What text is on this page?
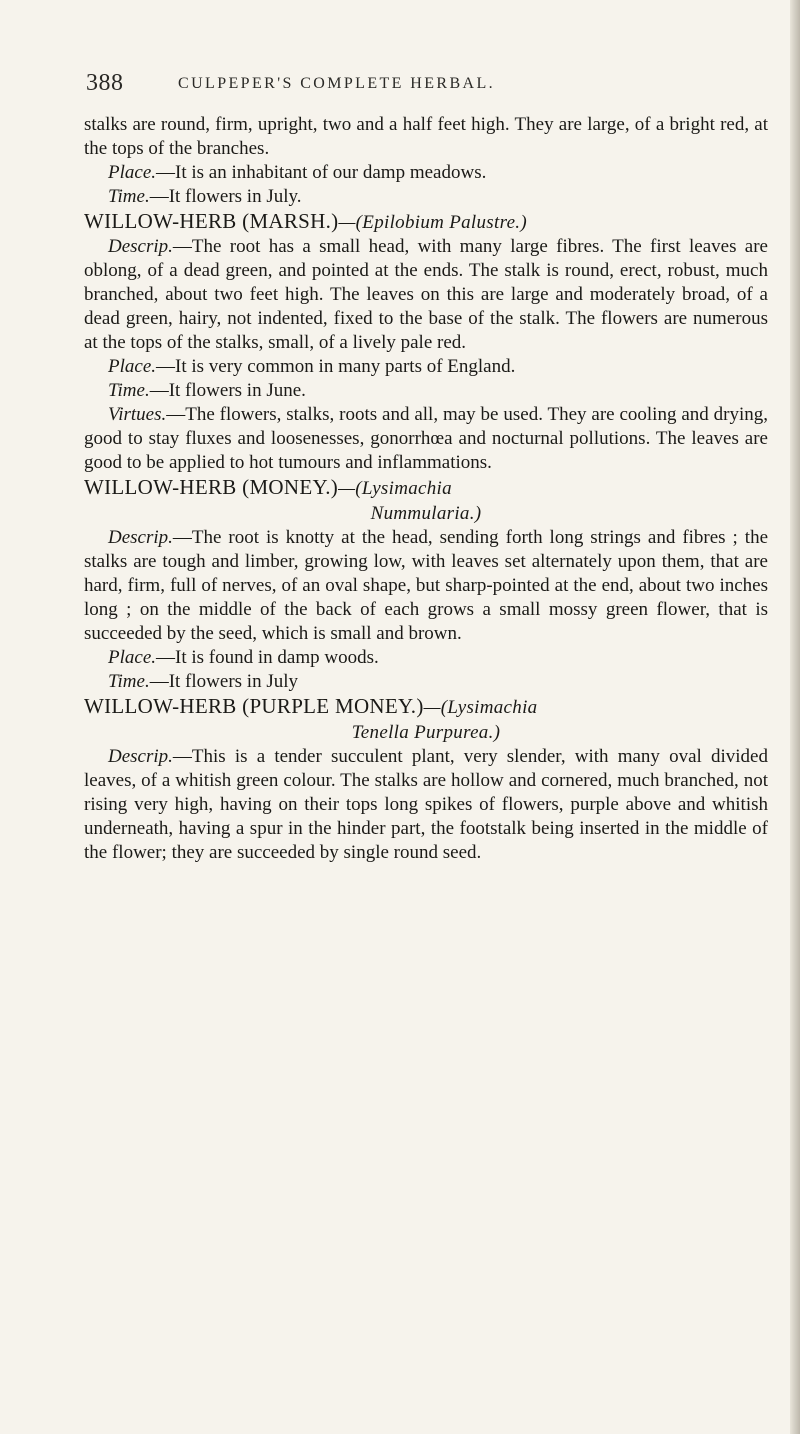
388	CULPEPER'S COMPLETE HERBAL.

stalks are round, firm, upright, two and a half feet high. They are large, of a bright red, at the tops of the branches.

Place.—It is an inhabitant of our damp meadows.

Time.—It flowers in July.

WILLOW-HERB (MARSH.)—(Epilobium Palustre.)

Descrip.—The root has a small head, with many large fibres. The first leaves are oblong, of a dead green, and pointed at the ends. The stalk is round, erect, robust, much branched, about two feet high. The leaves on this are large and moderately broad, of a dead green, hairy, not indented, fixed to the base of the stalk. The flowers are numerous at the tops of the stalks, small, of a lively pale red.

Place.—It is very common in many parts of England.

Time.—It flowers in June.

Virtues.—The flowers, stalks, roots and all, may be used. They are cooling and drying, good to stay fluxes and loosenesses, gonorrhœa and nocturnal pollutions. The leaves are good to be applied to hot tumours and inflammations.

WILLOW-HERB (MONEY.)—(Lysimachia
Nummularia.)

Descrip.—The root is knotty at the head, sending forth long strings and fibres ; the stalks are tough and limber, growing low, with leaves set alternately upon them, that are hard, firm, full of nerves, of an oval shape, but sharp-pointed at the end, about two inches long ; on the middle of the back of each grows a small mossy green flower, that is succeeded by the seed, which is small and brown.

Place.—It is found in damp woods.

Time.—It flowers in July

WILLOW-HERB (PURPLE MONEY.)—(Lysimachia
Tenella Purpurea.)

Descrip.—This is a tender succulent plant, very slender, with many oval divided leaves, of a whitish green colour. The stalks are hollow and cornered, much branched, not rising very high, having on their tops long spikes of flowers, purple above and whitish underneath, having a spur in the hinder part, the footstalk being inserted in the middle of the flower; they are succeeded by single round seed.
